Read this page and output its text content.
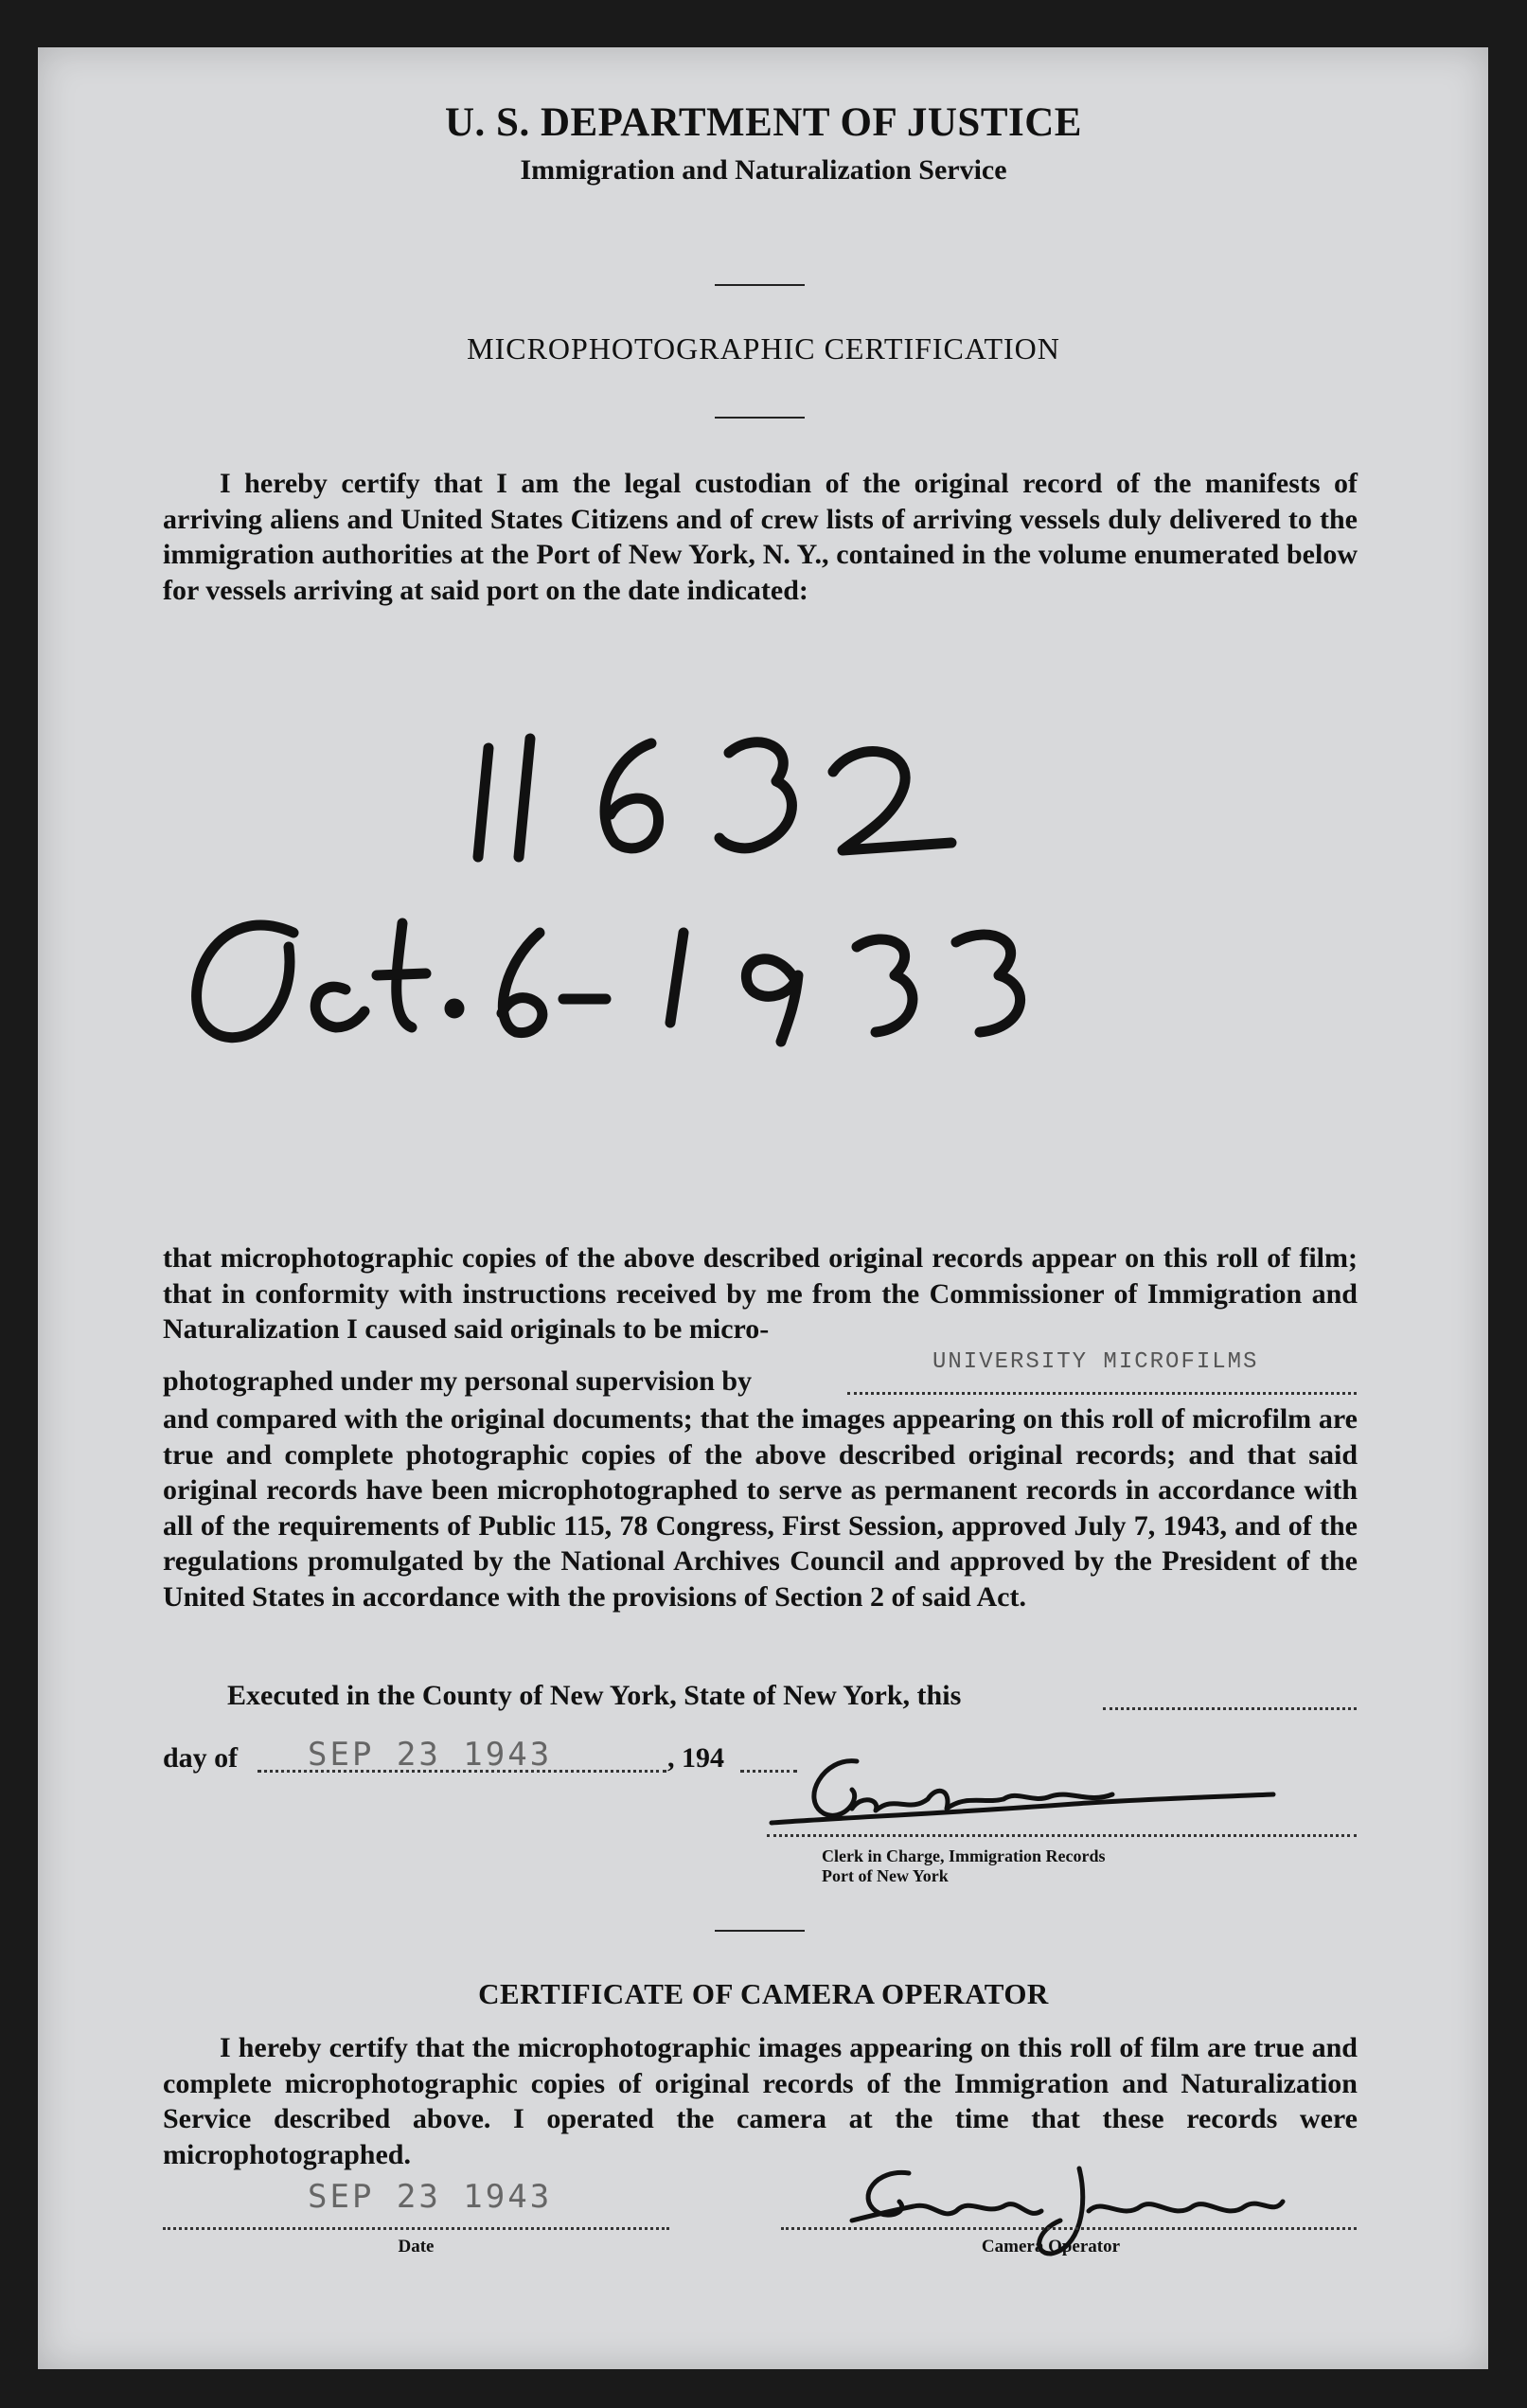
U. S. DEPARTMENT OF JUSTICE
Immigration and Naturalization Service
MICROPHOTOGRAPHIC CERTIFICATION

I hereby certify that I am the legal custodian of the original record of the manifests of arriving aliens and United States Citizens and of crew lists of arriving vessels duly delivered to the immigration authorities at the Port of New York, N. Y., contained in the volume enumerated below for vessels arriving at said port on the date indicated:

that microphotographic copies of the above described original records appear on this roll of film; that in conformity with instructions received by me from the Commissioner of Immigration and Naturalization I caused said originals to be micro-

photographed under my personal supervision by
UNIVERSITY MICROFILMS

and compared with the original documents; that the images appearing on this roll of microfilm are true and complete photographic copies of the above described original records; and that said original records have been microphotographed to serve as permanent records in accordance with all of the requirements of Public 115, 78 Congress, First Session, approved July 7, 1943, and of the regulations promulgated by the National Archives Council and approved by the President of the United States in accordance with the provisions of Section 2 of said Act.

Executed in the County of New York, State of New York, this
day of SEP 23 1943	, 194
Clerk in Charge, Immigration Records
Port of New York
CERTIFICATE OF CAMERA OPERATOR

I hereby certify that the microphotographic images appearing on this roll of film are true and complete microphotographic copies of original records of the Immigration and Naturalization Service described above. I operated the camera at the time that these records were microphotographed.

SEP 23 1943
Date	Camera Operator
